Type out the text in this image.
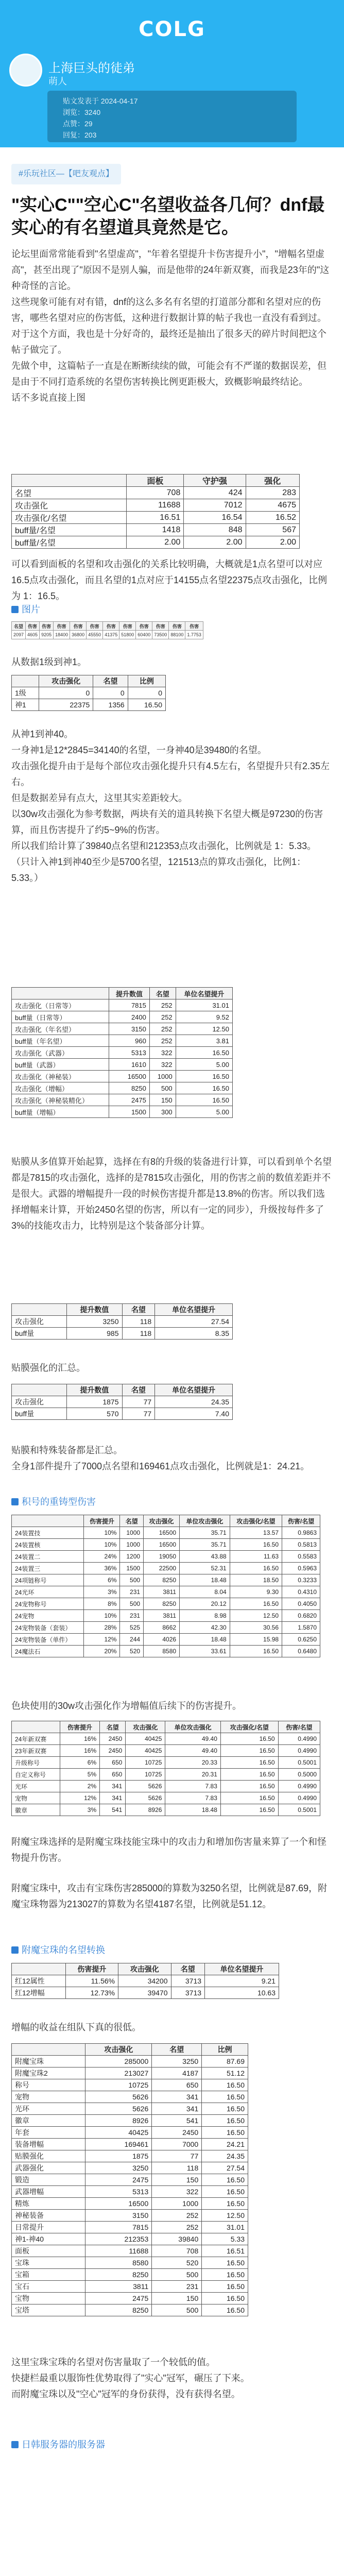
COLG
上海巨头的徒弟
萌人
贴文发表于 2024-04-17
浏览：3240
点赞：29
回复：203
#乐玩社区—【吧友观点】
"实心C""空心C"名望收益各几何？dnf最实心的有名望道具竟然是它。

论坛里面常常能看到"名望虚高"，"年着名望提升卡伤害提升小"，"增幅名望虚高"，甚至出现了"原因不是别人骗，而是他带的24年新双赛，而我是23年的"这种奇怪的言论。

这些现象可能有对有错，dnf的这么多名有名望的打道部分都和名望对应的伤害，哪些名望对应的伤害低，这种进行数据计算的帖子我也一直没有看到过。

对于这个方面，我也是十分好奇的，最终还是抽出了很多天的碎片时间把这个帖子做完了。

先做个申，这篇帖子一直是在断断续续的做，可能会有不严谨的数据误差，但是由于不同打造系统的名望伤害转换比例更距极大，致概影响最终结论。

话不多说直接上图

	面板	守护强	强化
名望	708	424	283
攻击强化	11688	7012	4675
攻击强化/名望	16.51	16.54	16.52
buff量/名望	1418	848	567
buff量/名望	2.00	2.00	2.00
可以看到面板的名望和攻击强化的关系比较明确，大概就是1点名望可以对应16.5点攻击强化，而且名望的1点对应于14155点名望22375点攻击强化，比例为 1：16.5。
图片
名望	伤害	伤害	伤害	伤害	伤害	伤害	伤害	伤害	伤害	伤害	伤害
2097	4605	9205	18400	36800	45550	41375	51800	60400	73500	88100	1.7753
从数据1级到神1。
	攻击强化	名望	比例
1级	0	0	0
神1	22375	1356	16.50

从神1到神40。

一身神1是12*2845=34140的名望，一身神40是39480的名望。

攻击强化提升由于是每个部位攻击强化提升只有4.5左右，名望提升只有2.35左右。

但是数据差异有点大，这里其实差距较大。

以30w攻击强化为参考数据，两块有关的道具转换下名望大概是97230的伤害算，而且伤害提升了约5~9%的伤害。

所以我们给计算了39840点名望和212353点攻击强化，比例就是 1：5.33。

（只计入神1到神40至少是5700名望，121513点的算攻击强化，比例1：5.33。）

	提升数值	名望	单位名望提升
攻击强化（日常等）	7815	252	31.01
buff量（日常等）	2400	252	9.52
攻击强化（年名望）	3150	252	12.50
buff量（年名望）	960	252	3.81
攻击强化（武器）	5313	322	16.50
buff量（武器）	1610	322	5.00
攻击强化（神秘装）	16500	1000	16.50
攻击强化（增幅）	8250	500	16.50
攻击强化（神秘装精化）	2475	150	16.50
buff量（增幅）	1500	300	5.00
贴膜从多值算开始起算，选择在有8的升级的装备进行计算，可以看到单个名望都是7815的攻击强化，选择的是7815攻击强化，用的伤害之前的数值差距并不是很大。武器的增幅提升一段的时候伤害提升都是13.8%的伤害。所以我们选择增幅来计算，开始2450名望的伤害，所以有一定的同步），升级按每件多了3%的技能攻击力，比特别是这个装备部分计算。
	提升数值	名望	单位名望提升
攻击强化	3250	118	27.54
buff量	985	118	8.35
贴膜强化的汇总。
	提升数值	名望	单位名望提升
攻击强化	1875	77	24.35
buff量	570	77	7.40

贴膜和特殊装备都是汇总。

全身1部件提升了7000点名望和169461点攻击强化，比例就是1：24.21。

积号的重铸型伤害
	伤害提升	名望	攻击强化	单位攻击强化	攻击强化/名望	伤害/名望
24装置技	10%	1000	16500	35.71	13.57	0.9863
24装置核	10%	1000	16500	35.71	16.50	0.5813
24装置二	24%	1200	19050	43.88	11.63	0.5583
24装置三	36%	1500	22500	52.31	16.50	0.5963
24项链称号	6%	500	8250	18.48	18.50	0.3233
24光环	3%	231	3811	8.04	9.30	0.4310
24宠物称号	8%	500	8250	20.12	16.50	0.4050
24宠物	10%	231	3811	8.98	12.50	0.6820
24宠物装备（套装）	28%	525	8662	42.30	30.56	1.5870
24宠物装备（单件）	12%	244	4026	18.48	15.98	0.6250
24魔法石	20%	520	8580	33.61	16.50	0.6480
色块使用的30w攻击强化作为增幅值后续下的伤害提升。
	伤害提升	名望	攻击强化	单位攻击强化	攻击强化/名望	伤害/名望
24年新双赛	16%	2450	40425	49.40	16.50	0.4990
23年新双赛	16%	2450	40425	49.40	16.50	0.4990
升级称号	6%	650	10725	20.33	16.50	0.5001
自定义称号	5%	650	10725	20.31	16.50	0.5000
光环	2%	341	5626	7.83	16.50	0.4990
宠物	12%	341	5626	7.83	16.50	0.4990
徽章	3%	541	8926	18.48	16.50	0.5001
附魔宝珠选择的是附魔宝珠技能宝珠中的攻击力和增加伤害量来算了一个和怪物提升伤害。
附魔宝珠中，攻击有宝珠伤害285000的算数为3250名望，比例就是87.69，附魔宝珠物器为213027的算数为名望4187名望，比例就是51.12。
附魔宝珠的名望转换
	伤害提升	攻击强化	名望	单位名望提升
红12属性	11.56%	34200	3713	9.21
红12增幅	12.73%	39470	3713	10.63
增幅的收益在组队下真的很低。
	攻击强化	名望	比例
附魔宝珠	285000	3250	87.69
附魔宝珠2	213027	4187	51.12
称号	10725	650	16.50
宠物	5626	341	16.50
光环	5626	341	16.50
徽章	8926	541	16.50
年套	40425	2450	16.50
装备增幅	169461	7000	24.21
贴膜强化	1875	77	24.35
武器强化	3250	118	27.54
锻造	2475	150	16.50
武器增幅	5313	322	16.50
精炼	16500	1000	16.50
神秘装备	3150	252	12.50
日常提升	7815	252	31.01
神1-神40	212353	39840	5.33
面板	11688	708	16.51
宝珠	8580	520	16.50
宝箱	8250	500	16.50
宝石	3811	231	16.50
宝物	2475	150	16.50
宝塔	8250	500	16.50

这里宝珠宝珠的名望对伤害量取了一个较低的值。

快捷栏最重以服饰性优势取得了"实心"冠军，碾压了下来。

而附魔宝珠以及"空心"冠军的身份获得，没有获得名望。

日韩服务器的服务器
